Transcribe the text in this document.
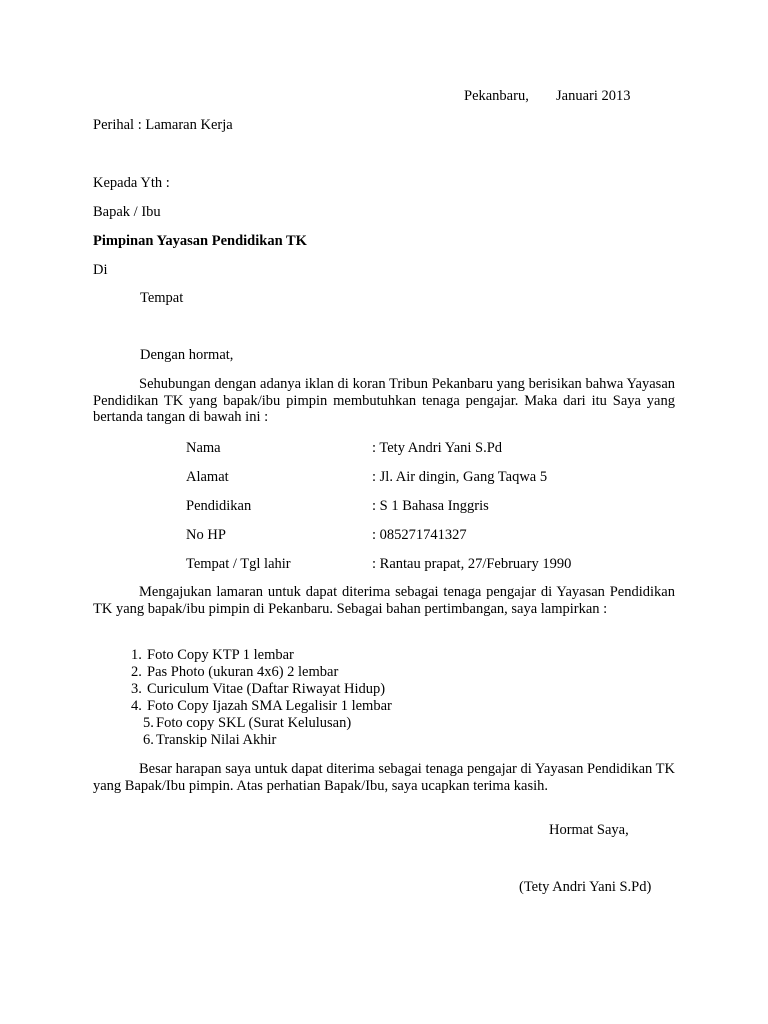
Pekanbaru, Januari 2013
Perihal : Lamaran Kerja
Kepada Yth :
Bapak / Ibu
Pimpinan Yayasan Pendidikan TK
Di
Tempat
Dengan hormat,
Sehubungan dengan adanya iklan di koran Tribun Pekanbaru yang berisikan bahwa Yayasan Pendidikan TK yang bapak/ibu pimpin membutuhkan tenaga pengajar. Maka dari itu Saya yang bertanda tangan di bawah ini :
Nama	: Tety Andri Yani S.Pd
Alamat	: Jl. Air dingin, Gang Taqwa 5
Pendidikan	: S 1 Bahasa Inggris
No HP	: 085271741327
Tempat / Tgl lahir	: Rantau prapat, 27/February 1990
Mengajukan lamaran untuk dapat diterima sebagai tenaga pengajar di Yayasan Pendidikan TK yang bapak/ibu pimpin di Pekanbaru. Sebagai bahan pertimbangan, saya lampirkan :
1. Foto Copy KTP 1 lembar
2. Pas Photo (ukuran 4x6) 2 lembar
3. Curiculum Vitae (Daftar Riwayat Hidup)
4. Foto Copy Ijazah SMA Legalisir 1 lembar
5. Foto copy SKL (Surat Kelulusan)
6. Transkip Nilai Akhir
Besar harapan saya untuk dapat diterima sebagai tenaga pengajar di Yayasan Pendidikan TK yang Bapak/Ibu pimpin. Atas perhatian Bapak/Ibu, saya ucapkan terima kasih.
Hormat Saya,
(Tety Andri Yani S.Pd)
